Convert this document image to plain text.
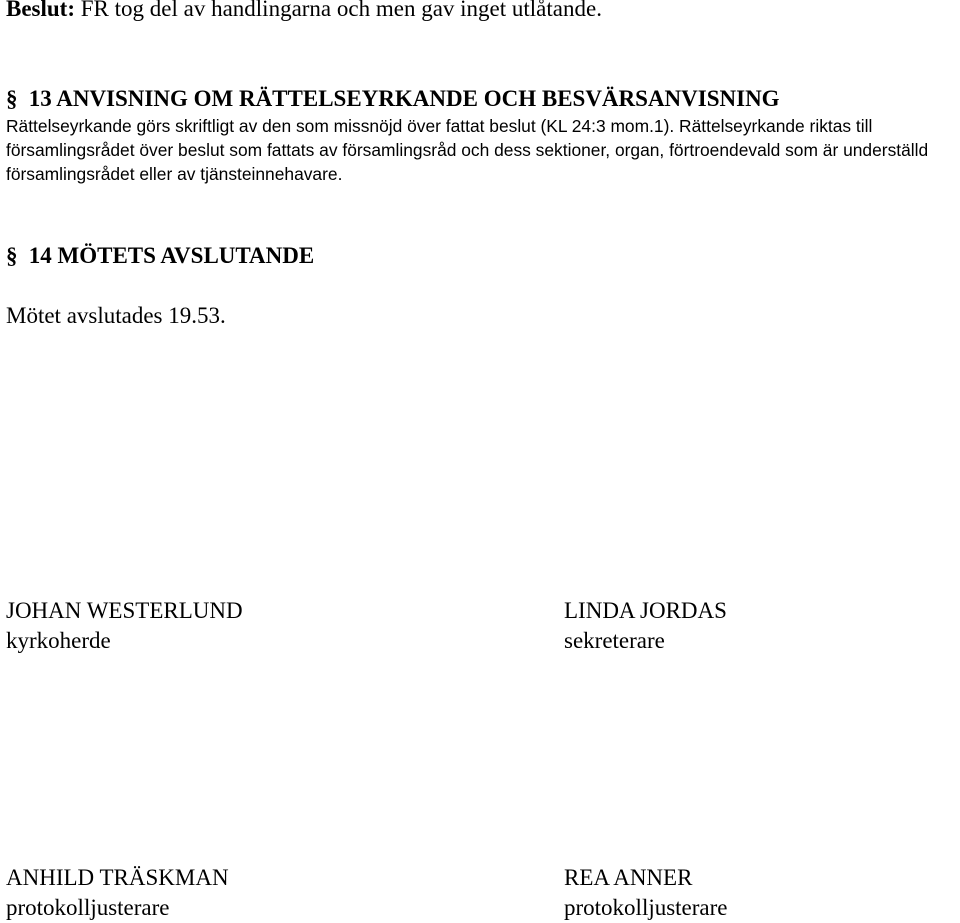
Beslut: FR tog del av handlingarna och men gav inget utlåtande.
§ 13 ANVISNING OM RÄTTELSEYRKANDE OCH BESVÄRSANVISNING
Rättelseyrkande görs skriftligt av den som missnöjd över fattat beslut (KL 24:3 mom.1). Rättelseyrkande riktas till församlingsrådet över beslut som fattats av församlingsråd och dess sektioner, organ, förtroendevald som är underställd församlingsrådet eller av tjänsteinnehavare.
§ 14 MÖTETS AVSLUTANDE
Mötet avslutades 19.53.
JOHAN WESTERLUND
kyrkoherde
LINDA JORDAS
sekreterare
ANHILD TRÄSKMAN
protokolljusterare
REA ANNER
protokolljusterare
